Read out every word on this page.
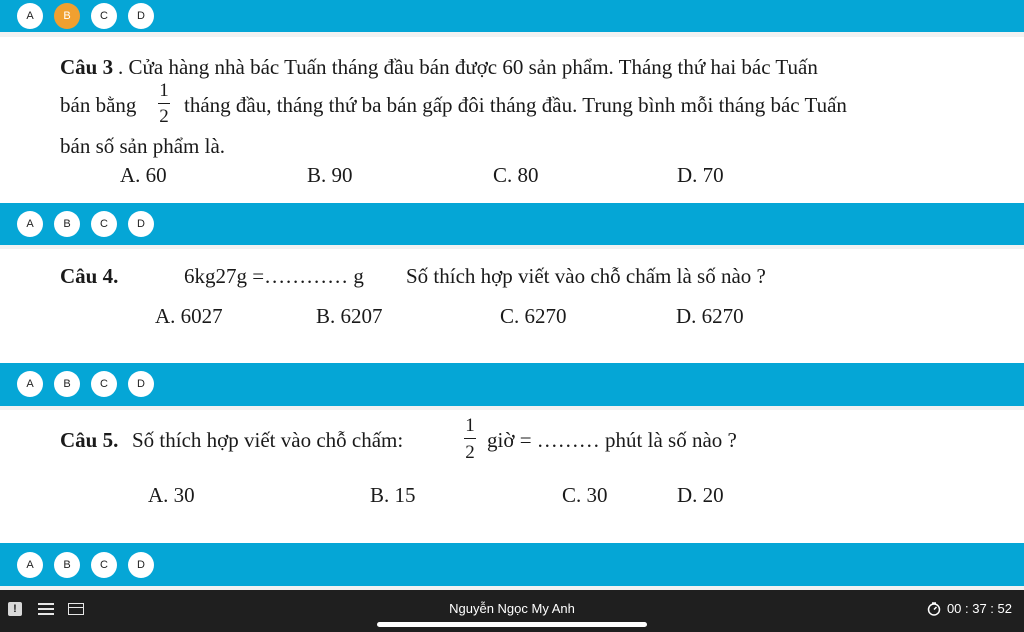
A	B	C	D
Câu 3 . Cửa hàng nhà bác Tuấn tháng đầu bán được 60 sản phẩm. Tháng thứ hai bác Tuấn
bán bằng
1
2 tháng đầu, tháng thứ ba bán gấp đôi tháng đầu. Trung bình mỗi tháng bác Tuấn
bán số sản phẩm là.
A. 60	B. 90	C. 80	D. 70
A	B	C	D
Câu 4.	6kg27g =………… g Số thích hợp viết vào chỗ chấm là số nào ?
A. 6027	B. 6207	C. 6270	D. 6270
A	B	C	D
Câu 5. Số thích hợp viết vào chỗ chấm:
1
2
giờ = ……… phút là số nào ?
A. 30	B. 15	C. 30	D. 20
A	B	C	D
Nguyễn Ngọc My Anh	00 : 37 : 52
!
